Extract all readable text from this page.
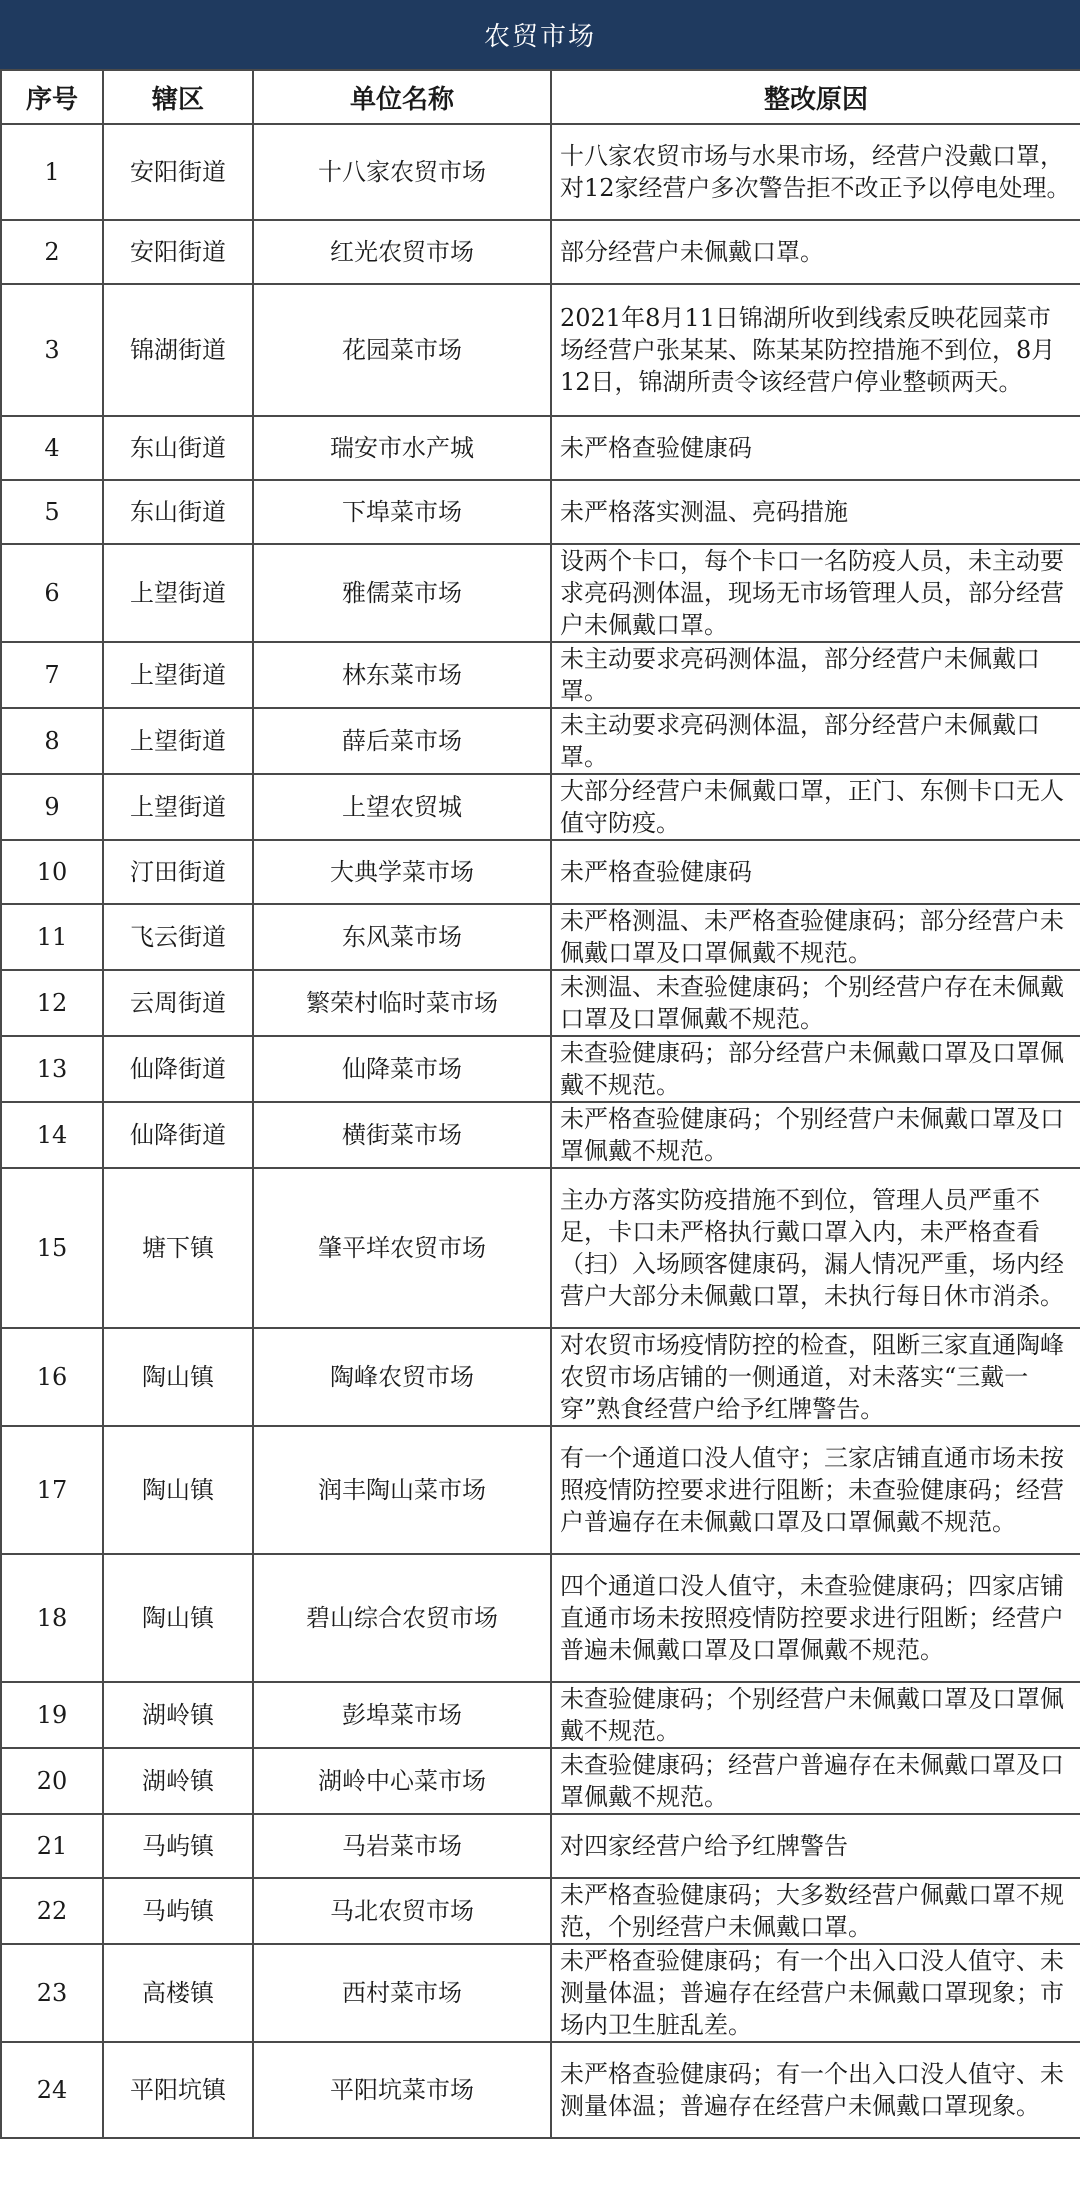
农贸市场
序号	辖区	单位名称	整改原因
1	安阳街道	十八家农贸市场	十八家农贸市场与水果市场，经营户没戴口罩，对12家经营户多次警告拒不改正予以停电处理。
2	安阳街道	红光农贸市场	部分经营户未佩戴口罩。
3	锦湖街道	花园菜市场	2021年8月11日锦湖所收到线索反映花园菜市场经营户张某某、陈某某防控措施不到位，8月12日，锦湖所责令该经营户停业整顿两天。
4	东山街道	瑞安市水产城	未严格查验健康码
5	东山街道	下埠菜市场	未严格落实测温、亮码措施
6	上望街道	雅儒菜市场	设两个卡口，每个卡口一名防疫人员，未主动要求亮码测体温，现场无市场管理人员，部分经营户未佩戴口罩。
7	上望街道	林东菜市场	未主动要求亮码测体温，部分经营户未佩戴口罩。
8	上望街道	薛后菜市场	未主动要求亮码测体温，部分经营户未佩戴口罩。
9	上望街道	上望农贸城	大部分经营户未佩戴口罩，正门、东侧卡口无人值守防疫。
10	汀田街道	大典学菜市场	未严格查验健康码
11	飞云街道	东风菜市场	未严格测温、未严格查验健康码；部分经营户未佩戴口罩及口罩佩戴不规范。
12	云周街道	繁荣村临时菜市场	未测温、未查验健康码；个别经营户存在未佩戴口罩及口罩佩戴不规范。
13	仙降街道	仙降菜市场	未查验健康码；部分经营户未佩戴口罩及口罩佩戴不规范。
14	仙降街道	横街菜市场	未严格查验健康码；个别经营户未佩戴口罩及口罩佩戴不规范。
15	塘下镇	肇平垟农贸市场	主办方落实防疫措施不到位，管理人员严重不足，卡口未严格执行戴口罩入内，未严格查看（扫）入场顾客健康码，漏人情况严重，场内经营户大部分未佩戴口罩，未执行每日休市消杀。
16	陶山镇	陶峰农贸市场	对农贸市场疫情防控的检查，阻断三家直通陶峰农贸市场店铺的一侧通道，对未落实“三戴一穿”熟食经营户给予红牌警告。
17	陶山镇	润丰陶山菜市场	有一个通道口没人值守；三家店铺直通市场未按照疫情防控要求进行阻断；未查验健康码；经营户普遍存在未佩戴口罩及口罩佩戴不规范。
18	陶山镇	碧山综合农贸市场	四个通道口没人值守，未查验健康码；四家店铺直通市场未按照疫情防控要求进行阻断；经营户普遍未佩戴口罩及口罩佩戴不规范。
19	湖岭镇	彭埠菜市场	未查验健康码；个别经营户未佩戴口罩及口罩佩戴不规范。
20	湖岭镇	湖岭中心菜市场	未查验健康码；经营户普遍存在未佩戴口罩及口罩佩戴不规范。
21	马屿镇	马岩菜市场	对四家经营户给予红牌警告
22	马屿镇	马北农贸市场	未严格查验健康码；大多数经营户佩戴口罩不规范，个别经营户未佩戴口罩。
23	高楼镇	西村菜市场	未严格查验健康码；有一个出入口没人值守、未测量体温；普遍存在经营户未佩戴口罩现象；市场内卫生脏乱差。
24	平阳坑镇	平阳坑菜市场	未严格查验健康码；有一个出入口没人值守、未测量体温；普遍存在经营户未佩戴口罩现象。
